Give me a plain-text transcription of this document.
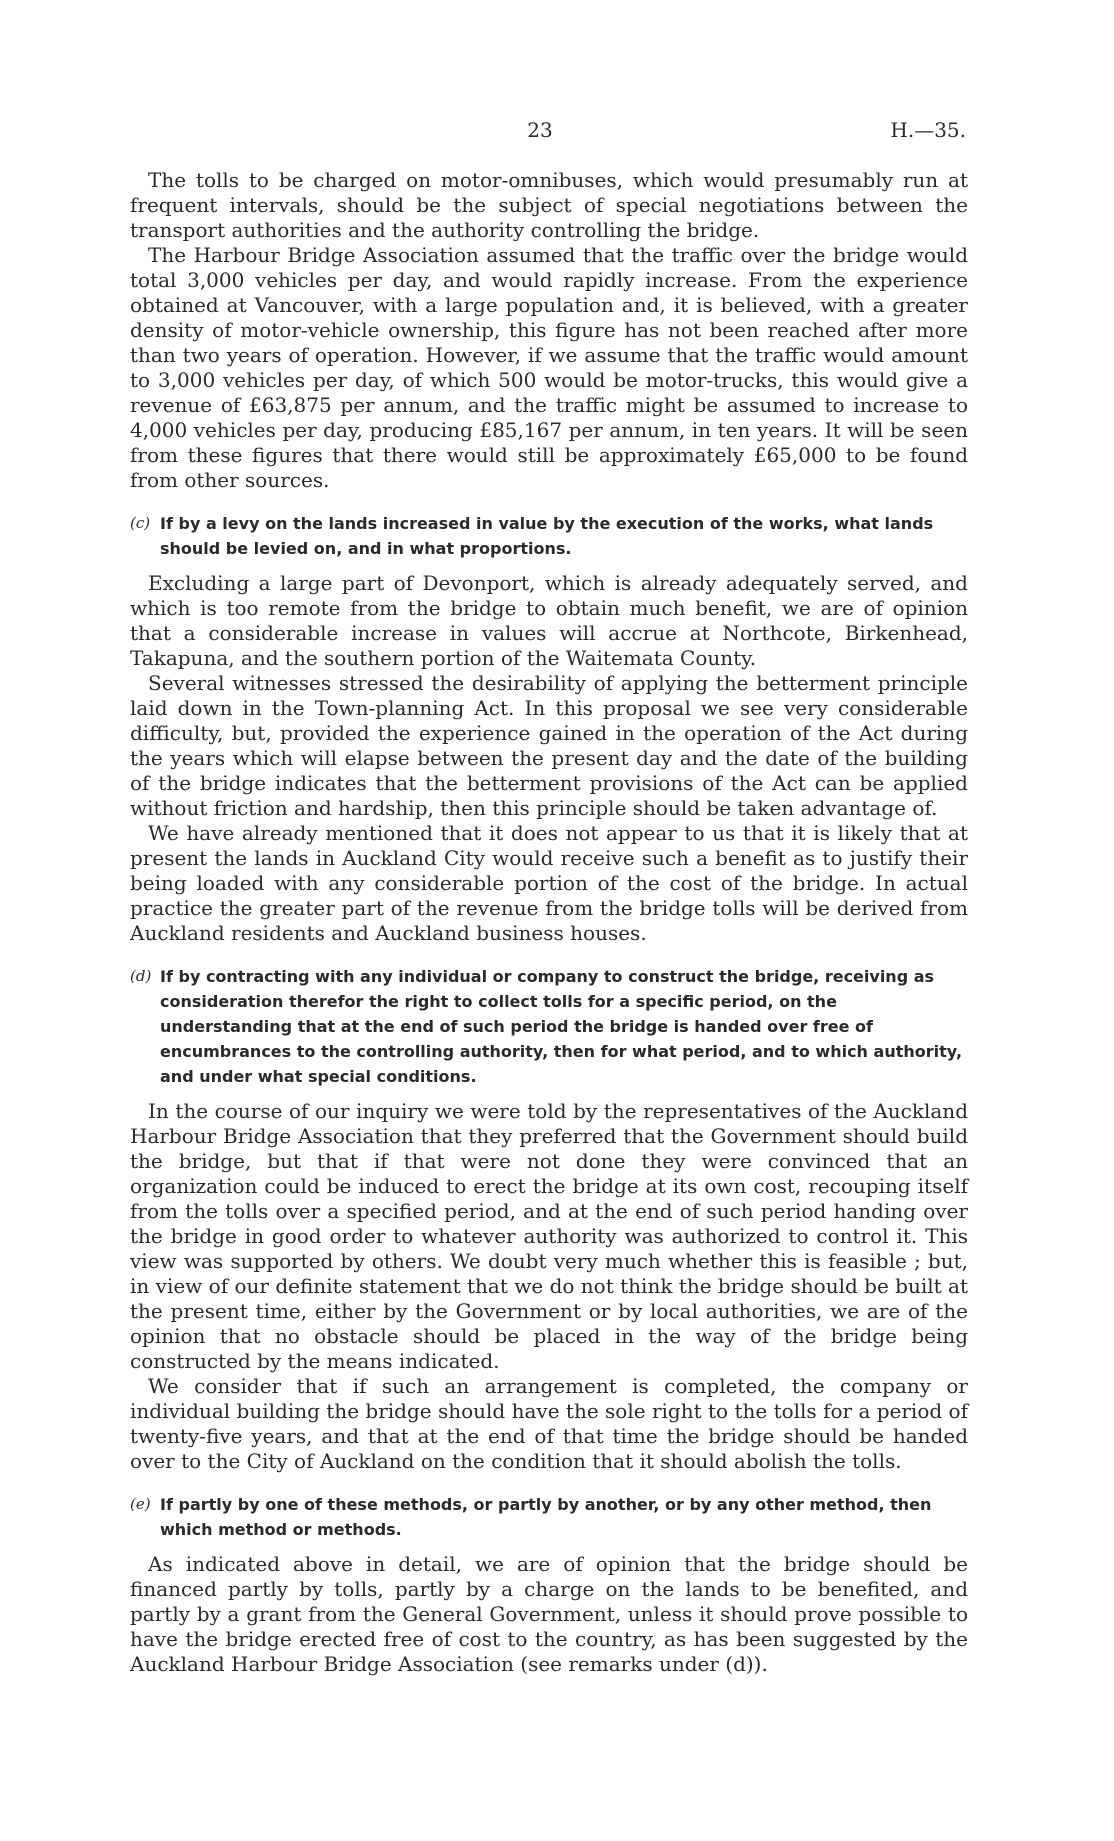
23	H.—35.

The tolls to be charged on motor-omnibuses, which would presumably run at frequent intervals, should be the subject of special negotiations between the transport authorities and the authority controlling the bridge.

The Harbour Bridge Association assumed that the traffic over the bridge would total 3,000 vehicles per day, and would rapidly increase. From the experience obtained at Vancouver, with a large population and, it is believed, with a greater density of motor-vehicle ownership, this figure has not been reached after more than two years of operation. However, if we assume that the traffic would amount to 3,000 vehicles per day, of which 500 would be motor-trucks, this would give a revenue of £63,875 per annum, and the traffic might be assumed to increase to 4,000 vehicles per day, producing £85,167 per annum, in ten years. It will be seen from these figures that there would still be approximately £65,000 to be found from other sources.

(c) If by a levy on the lands increased in value by the execution of the works, what lands should be levied on, and in what proportions.

Excluding a large part of Devonport, which is already adequately served, and which is too remote from the bridge to obtain much benefit, we are of opinion that a considerable increase in values will accrue at Northcote, Birkenhead, Takapuna, and the southern portion of the Waitemata County.

Several witnesses stressed the desirability of applying the betterment principle laid down in the Town-planning Act. In this proposal we see very considerable difficulty, but, provided the experience gained in the operation of the Act during the years which will elapse between the present day and the date of the building of the bridge indicates that the betterment provisions of the Act can be applied without friction and hardship, then this principle should be taken advantage of.

We have already mentioned that it does not appear to us that it is likely that at present the lands in Auckland City would receive such a benefit as to justify their being loaded with any considerable portion of the cost of the bridge. In actual practice the greater part of the revenue from the bridge tolls will be derived from Auckland residents and Auckland business houses.

(d) If by contracting with any individual or company to construct the bridge, receiving as consideration therefor the right to collect tolls for a specific period, on the understanding that at the end of such period the bridge is handed over free of encumbrances to the controlling authority, then for what period, and to which authority, and under what special conditions.

In the course of our inquiry we were told by the representatives of the Auckland Harbour Bridge Association that they preferred that the Government should build the bridge, but that if that were not done they were convinced that an organization could be induced to erect the bridge at its own cost, recouping itself from the tolls over a specified period, and at the end of such period handing over the bridge in good order to whatever authority was authorized to control it. This view was supported by others. We doubt very much whether this is feasible ; but, in view of our definite statement that we do not think the bridge should be built at the present time, either by the Government or by local authorities, we are of the opinion that no obstacle should be placed in the way of the bridge being constructed by the means indicated.

We consider that if such an arrangement is completed, the company or individual building the bridge should have the sole right to the tolls for a period of twenty-five years, and that at the end of that time the bridge should be handed over to the City of Auckland on the condition that it should abolish the tolls.

(e) If partly by one of these methods, or partly by another, or by any other method, then which method or methods.

As indicated above in detail, we are of opinion that the bridge should be financed partly by tolls, partly by a charge on the lands to be benefited, and partly by a grant from the General Government, unless it should prove possible to have the bridge erected free of cost to the country, as has been suggested by the Auckland Harbour Bridge Association (see remarks under (d)).
